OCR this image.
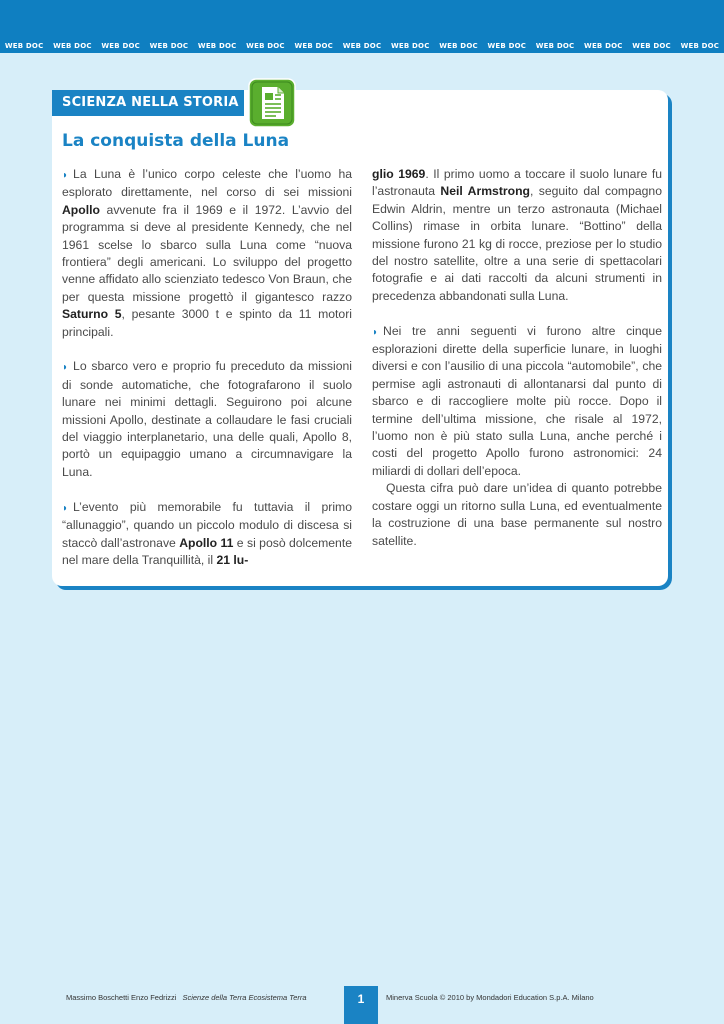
WEB DOC WEB DOC WEB DOC WEB DOC WEB DOC WEB DOC WEB DOC WEB DOC WEB DOC WEB DOC WEB DOC WEB DOC WEB DOC WEB DOC WEB DOC
SCIENZA NELLA STORIA
La conquista della Luna

◗ La Luna è l’unico corpo celeste che l’uomo ha esplorato direttamente, nel corso di sei missioni Apollo avvenute fra il 1969 e il 1972. L’avvio del programma si deve al presidente Kennedy, che nel 1961 scelse lo sbarco sulla Luna come “nuova frontiera” degli americani. Lo sviluppo del progetto venne affidato allo scienziato tedesco Von Braun, che per questa missione progettò il gigantesco razzo Saturno 5, pesante 3000 t e spinto da 11 motori principali.

◗ Lo sbarco vero e proprio fu preceduto da missioni di sonde automatiche, che fotografarono il suolo lunare nei minimi dettagli. Seguirono poi alcune missioni Apollo, destinate a collaudare le fasi cruciali del viaggio interplanetario, una delle quali, Apollo 8, portò un equipaggio umano a circumnavigare la Luna.

◗ L’evento più memorabile fu tuttavia il primo “allunaggio”, quando un piccolo modulo di discesa si staccò dall’astronave Apollo 11 e si posò dolcemente nel mare della Tranquillità, il 21 lu-

glio 1969. Il primo uomo a toccare il suolo lunare fu l’astronauta Neil Armstrong, seguito dal compagno Edwin Aldrin, mentre un terzo astronauta (Michael Collins) rimase in orbita lunare. “Bottino” della missione furono 21 kg di rocce, preziose per lo studio del nostro satellite, oltre a una serie di spettacolari fotografie e ai dati raccolti da alcuni strumenti in precedenza abbandonati sulla Luna.

◗ Nei tre anni seguenti vi furono altre cinque esplorazioni dirette della superficie lunare, in luoghi diversi e con l’ausilio di una piccola “automobile”, che permise agli astronauti di allontanarsi dal punto di sbarco e di raccogliere molte più rocce. Dopo il termine dell’ultima missione, che risale al 1972, l’uomo non è più stato sulla Luna, anche perché i costi del progetto Apollo furono astronomici: 24 miliardi di dollari dell’epoca.

Questa cifra può dare un’idea di quanto potrebbe costare oggi un ritorno sulla Luna, ed eventualmente la costruzione di una base permanente sul nostro satellite.

Massimo Boschetti Enzo Fedrizzi Scienze della Terra Ecosistema Terra	1	Minerva Scuola © 2010 by Mondadori Education S.p.A. Milano
